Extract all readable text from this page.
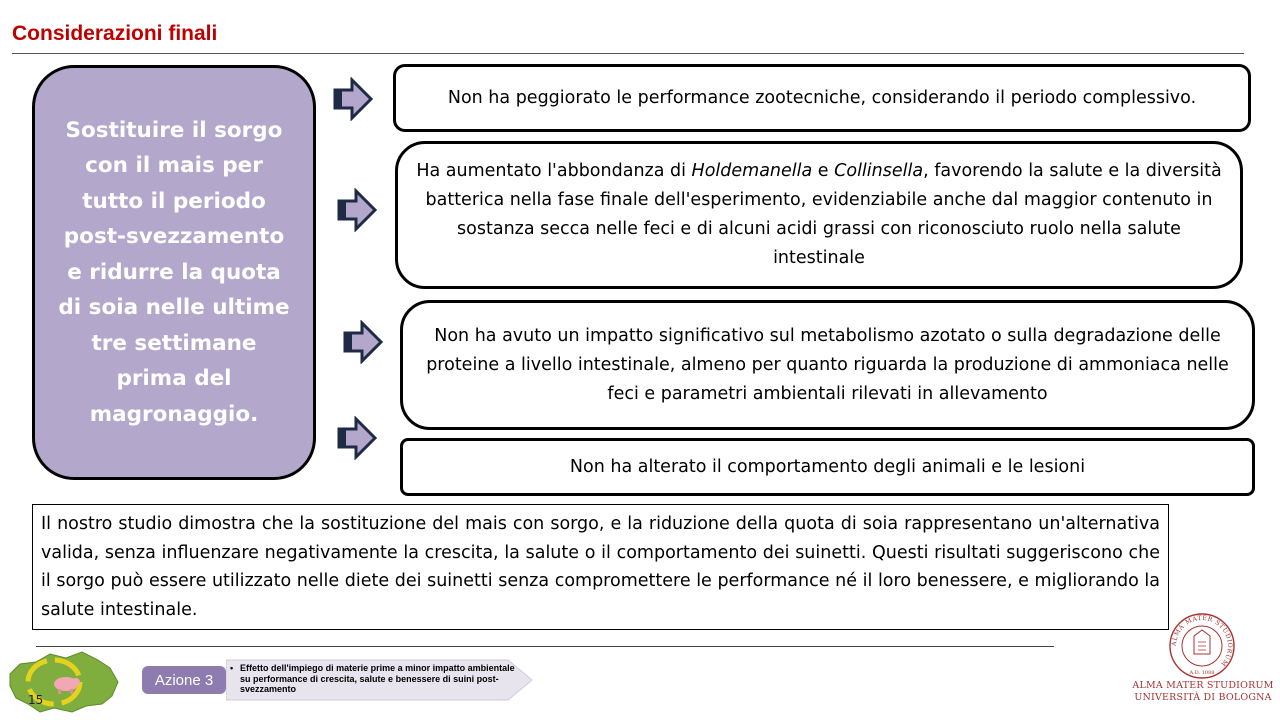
Considerazioni finali
Sostituire il sorgo con il mais per tutto il periodo post-svezzamento e ridurre la quota di soia nelle ultime tre settimane prima del magronaggio.
Non ha peggiorato le performance zootecniche, considerando il periodo complessivo.
Ha aumentato l'abbondanza di Holdemanella e Collinsella, favorendo la salute e la diversità batterica nella fase finale dell'esperimento, evidenziabile anche dal maggior contenuto in sostanza secca nelle feci e di alcuni acidi grassi con riconosciuto ruolo nella salute intestinale
Non ha avuto un impatto significativo sul metabolismo azotato o sulla degradazione delle proteine a livello intestinale, almeno per quanto riguarda la produzione di ammoniaca nelle feci e parametri ambientali rilevati in allevamento
Non ha alterato il comportamento degli animali e le lesioni
Il nostro studio dimostra che la sostituzione del mais con sorgo, e la riduzione della quota di soia rappresentano un'alternativa valida, senza influenzare negativamente la crescita, la salute o il comportamento dei suinetti. Questi risultati suggeriscono che il sorgo può essere utilizzato nelle diete dei suinetti senza compromettere le performance né il loro benessere, e migliorando la salute intestinale.
15
Azione 3
• Effetto dell'impiego di materie prime a minor impatto ambientale su performance di crescita, salute e benessere di suini post-svezzamento
ALMA MATER STUDIORUM
A.D. 1088
ALMA MATER STUDIORUM
UNIVERSITÀ DI BOLOGNA
